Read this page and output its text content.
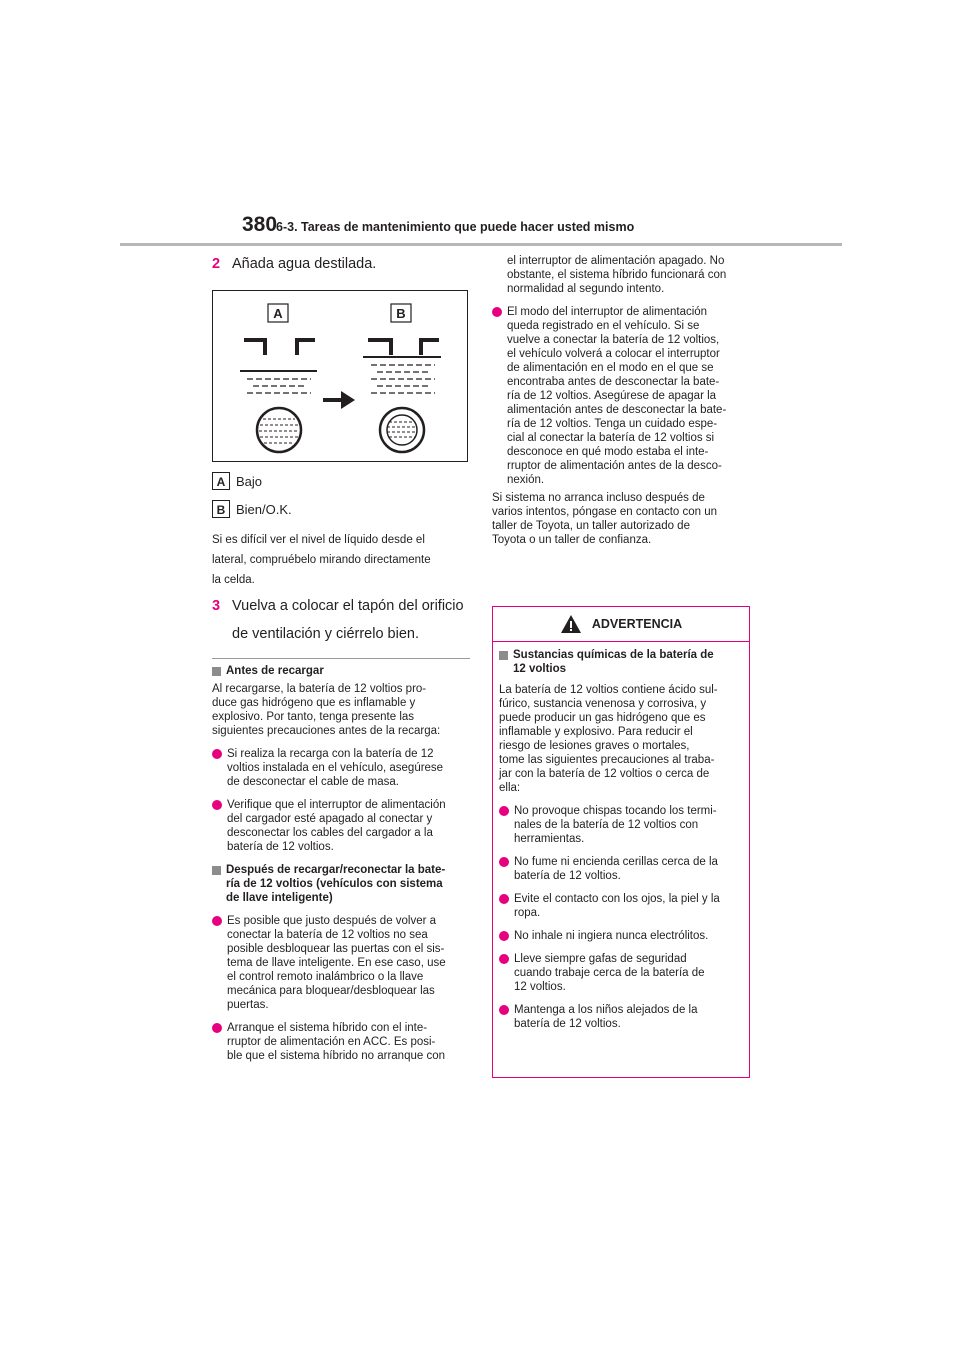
380
6-3. Tareas de mantenimiento que puede hacer usted mismo
2 Añada agua destilada.
A	B
A Bajo
B Bien/O.K.
Si es difícil ver el nivel de líquido desde el
lateral, compruébelo mirando directamente
la celda.
3 Vuelva a colocar el tapón del orificio
de ventilación y ciérrelo bien.
Antes de recargar
Al recargarse, la batería de 12 voltios pro-
duce gas hidrógeno que es inflamable y
explosivo. Por tanto, tenga presente las
siguientes precauciones antes de la recarga:
Si realiza la recarga con la batería de 12
voltios instalada en el vehículo, asegúrese
de desconectar el cable de masa.
Verifique que el interruptor de alimentación
del cargador esté apagado al conectar y
desconectar los cables del cargador a la
batería de 12 voltios.
Después de recargar/reconectar la bate-
ría de 12 voltios (vehículos con sistema
de llave inteligente)
Es posible que justo después de volver a
conectar la batería de 12 voltios no sea
posible desbloquear las puertas con el sis-
tema de llave inteligente. En ese caso, use
el control remoto inalámbrico o la llave
mecánica para bloquear/desbloquear las
puertas.
Arranque el sistema híbrido con el inte-
rruptor de alimentación en ACC. Es posi-
ble que el sistema híbrido no arranque con
el interruptor de alimentación apagado. No
obstante, el sistema híbrido funcionará con
normalidad al segundo intento.
El modo del interruptor de alimentación
queda registrado en el vehículo. Si se
vuelve a conectar la batería de 12 voltios,
el vehículo volverá a colocar el interruptor
de alimentación en el modo en el que se
encontraba antes de desconectar la bate-
ría de 12 voltios. Asegúrese de apagar la
alimentación antes de desconectar la bate-
ría de 12 voltios. Tenga un cuidado espe-
cial al conectar la batería de 12 voltios si
desconoce en qué modo estaba el inte-
rruptor de alimentación antes de la desco-
nexión.
Si sistema no arranca incluso después de
varios intentos, póngase en contacto con un
taller de Toyota, un taller autorizado de
Toyota o un taller de confianza.
ADVERTENCIA
Sustancias químicas de la batería de
12 voltios
La batería de 12 voltios contiene ácido sul-
fúrico, sustancia venenosa y corrosiva, y
puede producir un gas hidrógeno que es
inflamable y explosivo. Para reducir el
riesgo de lesiones graves o mortales,
tome las siguientes precauciones al traba-
jar con la batería de 12 voltios o cerca de
ella:
No provoque chispas tocando los termi-
nales de la batería de 12 voltios con
herramientas.
No fume ni encienda cerillas cerca de la
batería de 12 voltios.
Evite el contacto con los ojos, la piel y la
ropa.
No inhale ni ingiera nunca electrólitos.
Lleve siempre gafas de seguridad
cuando trabaje cerca de la batería de
12 voltios.
Mantenga a los niños alejados de la
batería de 12 voltios.
